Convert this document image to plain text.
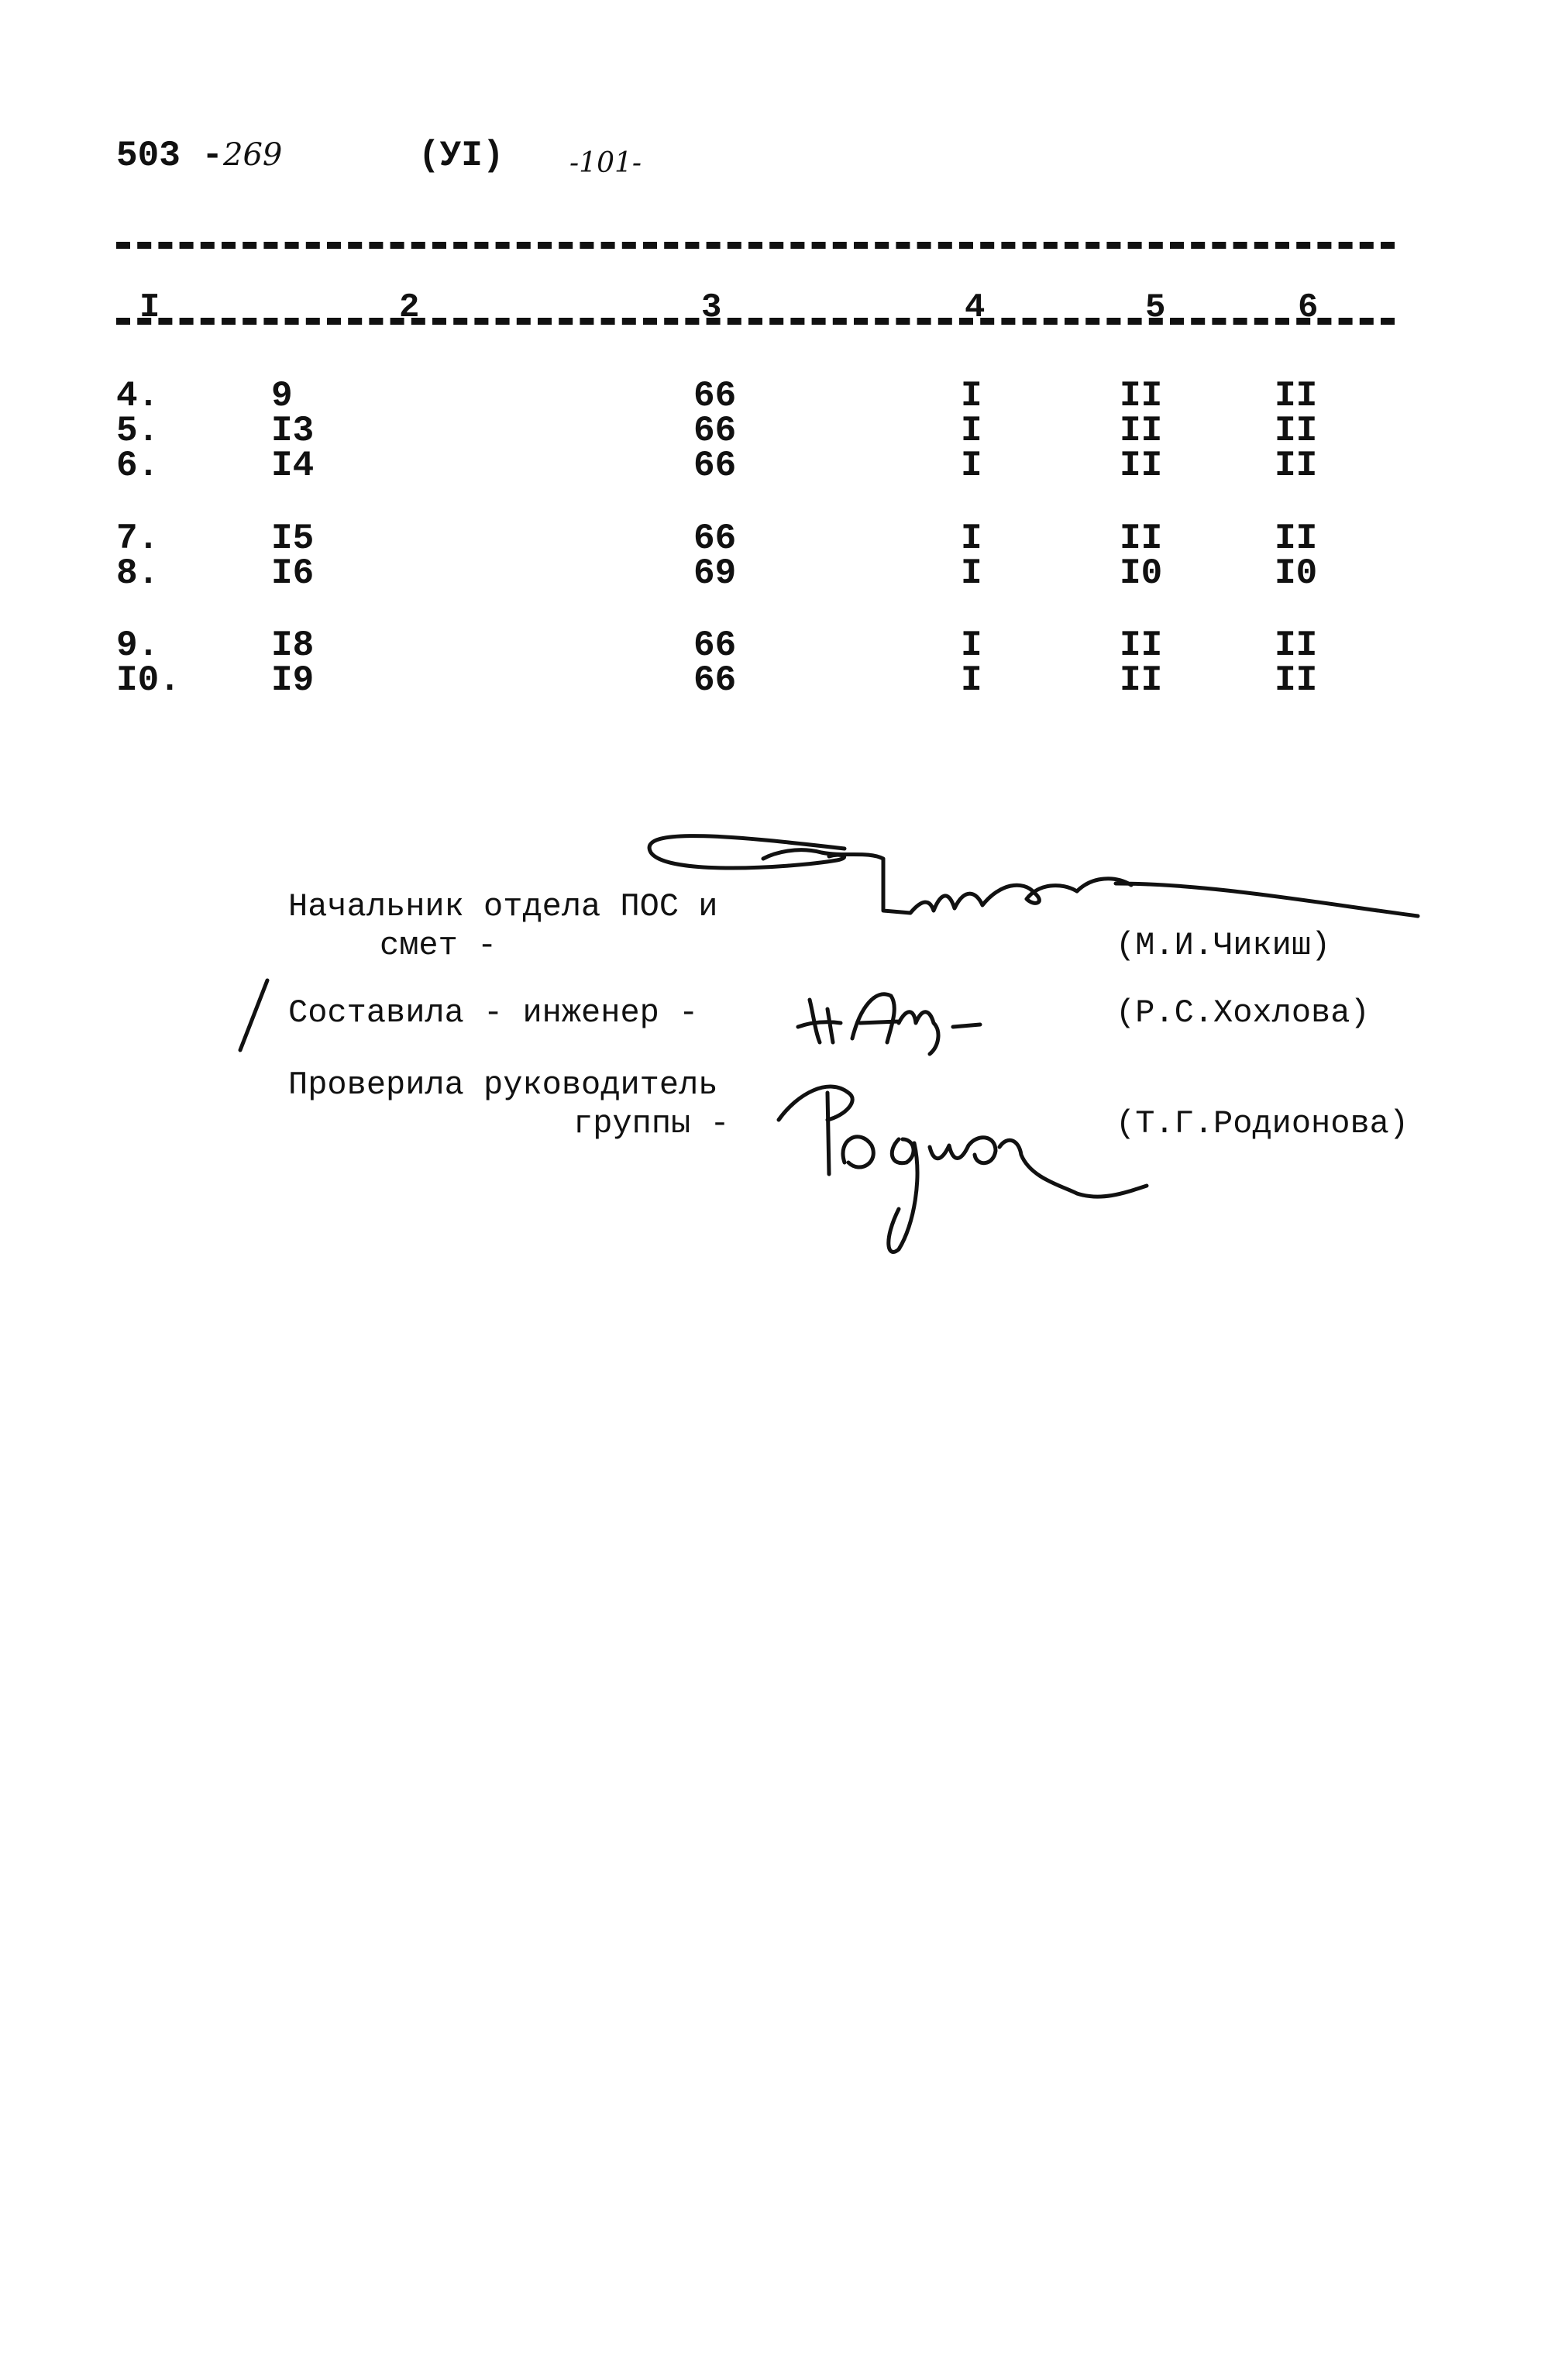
503 -269	(УI) -101-
I	2	3	4	5	6
4.	9	66	I	II	II
5.	I3	66	I	II	II
6.	I4	66	I	II	II
7.	I5	66	I	II	II
8.	I6	69	I	I0	I0
9.	I8	66	I	II	II
I0.	I9	66	I	II	II
Начальник отдела ПОС и
смет -	(М.И.Чикиш)
Составила - инженер -	(Р.С.Хохлова)
Проверила руководитель
группы -	(Т.Г.Родионова)
